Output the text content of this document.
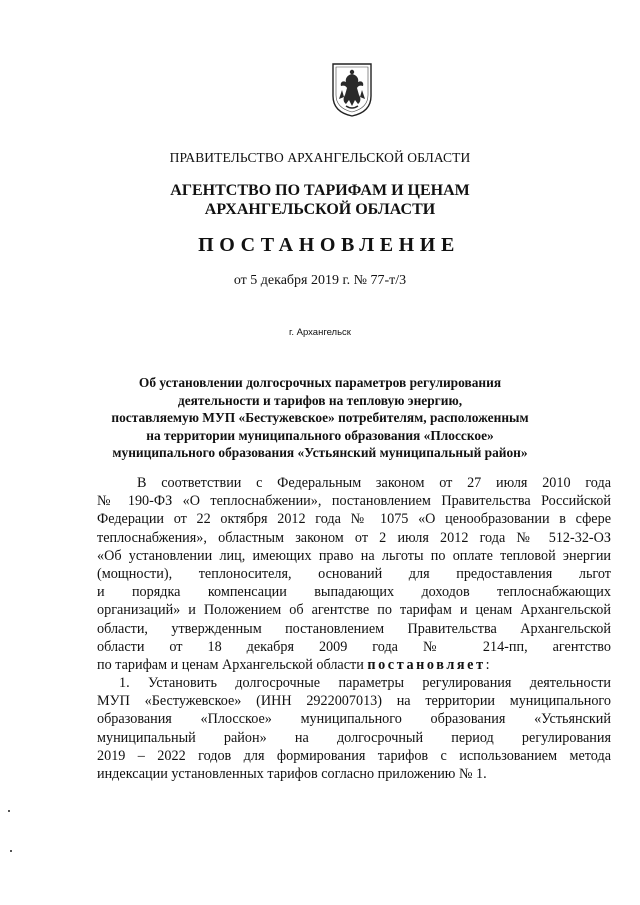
ПРАВИТЕЛЬСТВО АРХАНГЕЛЬСКОЙ ОБЛАСТИ
АГЕНТСТВО ПО ТАРИФАМ И ЦЕНАМ
АРХАНГЕЛЬСКОЙ ОБЛАСТИ
ПОСТАНОВЛЕНИЕ
от 5 декабря 2019 г. № 77-т/3
г. Архангельск
Об установлении долгосрочных параметров регулирования
деятельности и тарифов на тепловую энергию,
поставляемую МУП «Бестужевское» потребителям, расположенным
на территории муниципального образования «Плосское»
муниципального образования «Устьянский муниципальный район»
В соответствии с Федеральным законом от 27 июля 2010 года
№ 190-ФЗ «О теплоснабжении», постановлением Правительства Российской
Федерации от 22 октября 2012 года № 1075 «О ценообразовании в сфере
теплоснабжения», областным законом от 2 июля 2012 года № 512-32-ОЗ
«Об установлении лиц, имеющих право на льготы по оплате тепловой энергии
(мощности), теплоносителя, оснований для предоставления льгот
и порядка компенсации выпадающих доходов теплоснабжающих
организаций» и Положением об агентстве по тарифам и ценам Архангельской
области, утвержденным постановлением Правительства Архангельской
области от 18 декабря 2009 года № 214-пп, агентство
по тарифам и ценам Архангельской области постановляет:
1. Установить долгосрочные параметры регулирования деятельности
МУП «Бестужевское» (ИНН 2922007013) на территории муниципального
образования «Плосское» муниципального образования «Устьянский
муниципальный район» на долгосрочный период регулирования
2019 – 2022 годов для формирования тарифов с использованием метода
индексации установленных тарифов согласно приложению № 1.
